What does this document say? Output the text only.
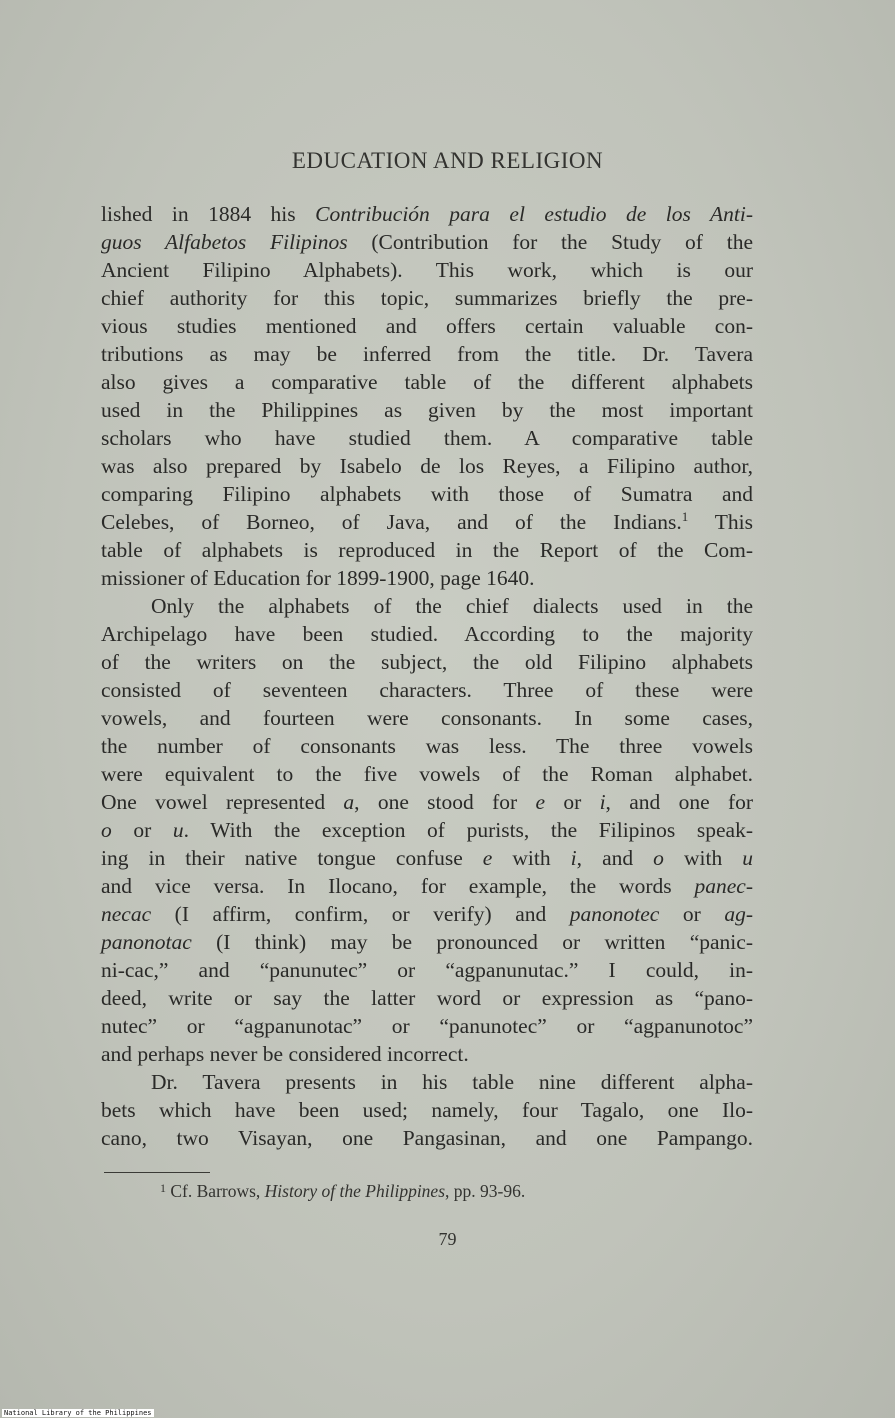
EDUCATION AND RELIGION
lished in 1884 his Contribución para el estudio de los Anti-
guos Alfabetos Filipinos (Contribution for the Study of the
Ancient Filipino Alphabets). This work, which is our
chief authority for this topic, summarizes briefly the pre-
vious studies mentioned and offers certain valuable con-
tributions as may be inferred from the title. Dr. Tavera
also gives a comparative table of the different alphabets
used in the Philippines as given by the most important
scholars who have studied them. A comparative table
was also prepared by Isabelo de los Reyes, a Filipino author,
comparing Filipino alphabets with those of Sumatra and
Celebes, of Borneo, of Java, and of the Indians.$^1$ This
table of alphabets is reproduced in the Report of the Com-
missioner of Education for 1899-1900, page 1640.
Only the alphabets of the chief dialects used in the
Archipelago have been studied. According to the majority
of the writers on the subject, the old Filipino alphabets
consisted of seventeen characters. Three of these were
vowels, and fourteen were consonants. In some cases,
the number of consonants was less. The three vowels
were equivalent to the five vowels of the Roman alphabet.
One vowel represented a, one stood for e or i, and one for
o or u. With the exception of purists, the Filipinos speak-
ing in their native tongue confuse e with i, and o with u
and vice versa. In Ilocano, for example, the words panec-
necac (I affirm, confirm, or verify) and panonotec or ag-
panonotac (I think) may be pronounced or written “panic-
ni-cac,” and “panunutec” or “agpanunutac.” I could, in-
deed, write or say the latter word or expression as “pano-
nutec” or “agpanunotac” or “panunotec” or “agpanunotoc”
and perhaps never be considered incorrect.
Dr. Tavera presents in his table nine different alpha-
bets which have been used; namely, four Tagalo, one Ilo-
cano, two Visayan, one Pangasinan, and one Pampango.
$^1$ Cf. Barrows, History of the Philippines, pp. 93-96.
79
National Library of the Philippines
